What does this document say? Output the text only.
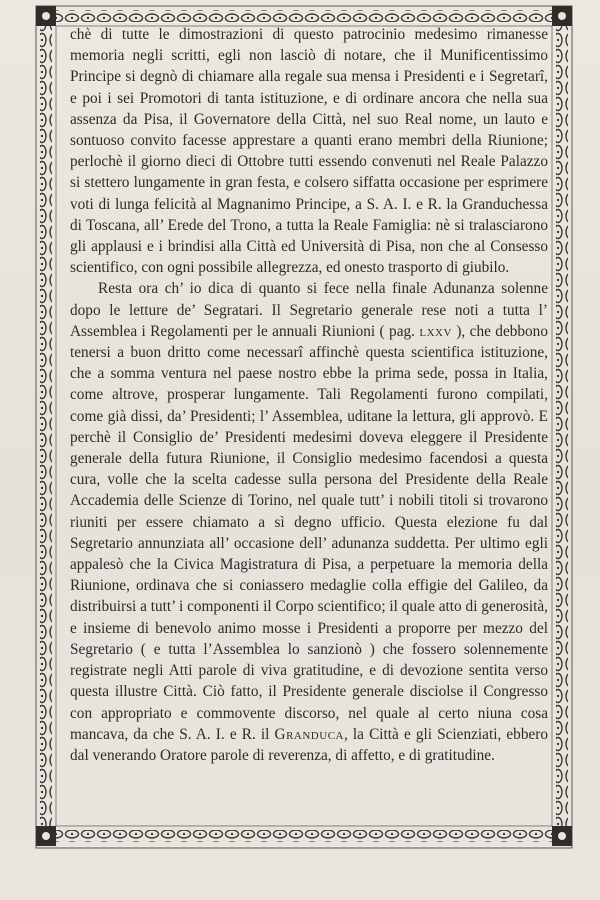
chè di tutte le dimostrazioni di questo patrocinio medesimo rimanesse memoria negli scritti, egli non lasciò di notare, che il Munificentissimo Principe si degnò di chiamare alla regale sua mensa i Presidenti e i Segretarî, e poi i sei Promotori di tanta istituzione, e di ordinare ancora che nella sua assenza da Pisa, il Governatore della Città, nel suo Real nome, un lauto e sontuoso convito facesse apprestare a quanti erano membri della Riunione; perlochè il giorno dieci di Ottobre tutti essendo convenuti nel Reale Palazzo si stettero lungamente in gran festa, e colsero siffatta occasione per esprimere voti di lunga felicità al Magnanimo Principe, a S. A. I. e R. la Granduchessa di Toscana, all’ Erede del Trono, a tutta la Reale Famiglia: nè si tralasciarono gli applausi e i brindisi alla Città ed Università di Pisa, non che al Consesso scientifico, con ogni possibile allegrezza, ed onesto trasporto di giubilo.

Resta ora ch’ io dica di quanto si fece nella finale Adunanza solenne dopo le letture de’ Segratari. Il Segretario generale rese noti a tutta l’ Assemblea i Regolamenti per le annuali Riunioni ( pag. lxxv ), che debbono tenersi a buon dritto come necessarî affinchè questa scientifica istituzione, che a somma ventura nel paese nostro ebbe la prima sede, possa in Italia, come altrove, prosperar lungamente. Tali Regolamenti furono compilati, come già dissi, da’ Presidenti; l’ Assemblea, uditane la lettura, gli approvò. E perchè il Consiglio de’ Presidenti medesimi doveva eleggere il Presidente generale della futura Riunione, il Consiglio medesimo facendosi a questa cura, volle che la scelta cadesse sulla persona del Presidente della Reale Accademia delle Scienze di Torino, nel quale tutt’ i nobili titoli si trovarono riuniti per essere chiamato a sì degno ufficio. Questa elezione fu dal Segretario annunziata all’ occasione dell’ adunanza suddetta. Per ultimo egli appalesò che la Civica Magistratura di Pisa, a perpetuare la memoria della Riunione, ordinava che si coniassero medaglie colla effigie del Galileo, da distribuirsi a tutt’ i componenti il Corpo scientifico; il quale atto di generosità, e insieme di benevolo animo mosse i Presidenti a proporre per mezzo del Segretario ( e tutta l’Assemblea lo sanzionò ) che fossero solennemente registrate negli Atti parole di viva gratitudine, e di devozione sentita verso questa illustre Città. Ciò fatto, il Presidente generale disciolse il Congresso con appropriato e commovente discorso, nel quale al certo niuna cosa mancava, da che S. A. I. e R. il Granduca, la Città e gli Scienziati, ebbero dal venerando Oratore parole di reverenza, di affetto, e di gratitudine.
